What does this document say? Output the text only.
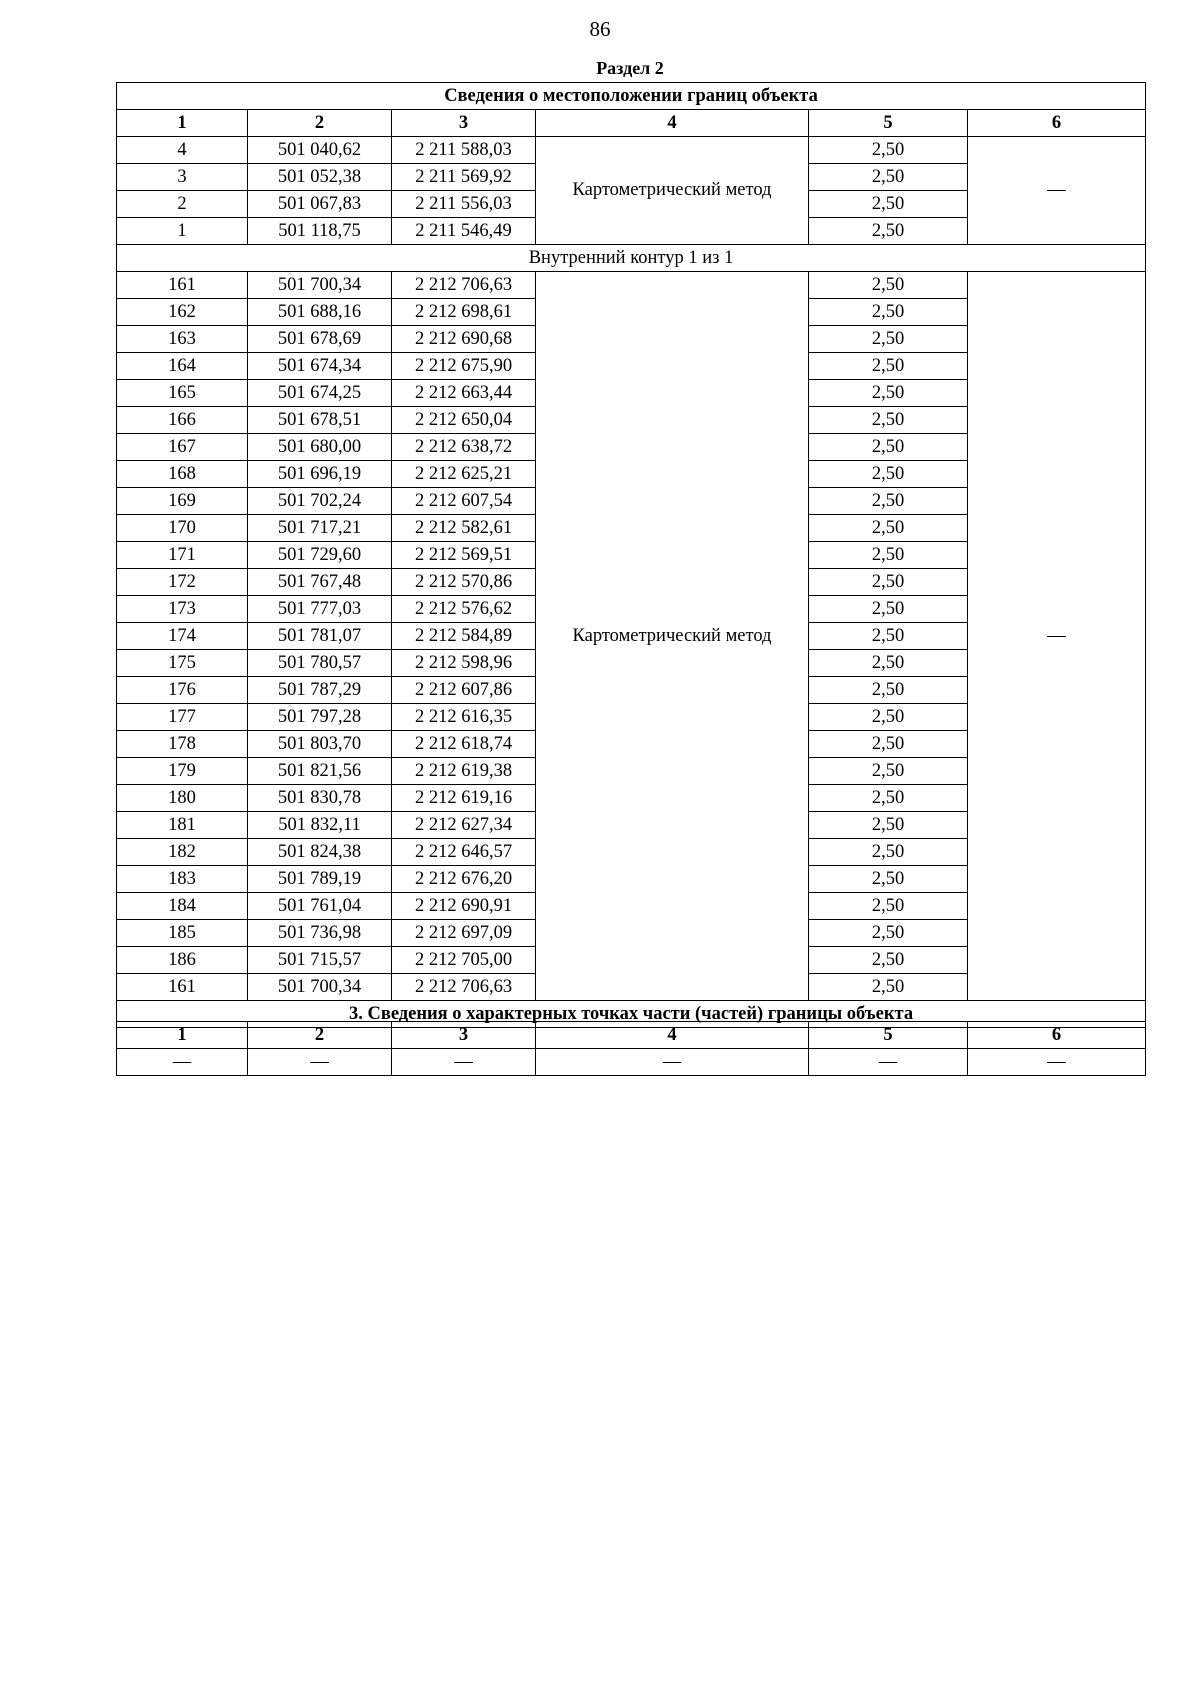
86
Раздел 2
Сведения о местоположении границ объекта					
1	2	3	4	5	6
4	501 040,62	2 211 588,03	Картометрический метод	2,50	—
3	501 052,38	2 211 569,92		2,50	
2	501 067,83	2 211 556,03		2,50	
1	501 118,75	2 211 546,49		2,50	
Внутренний контур 1 из 1					
161	501 700,34	2 212 706,63	Картометрический метод	2,50	—
162	501 688,16	2 212 698,61		2,50	
163	501 678,69	2 212 690,68		2,50	
164	501 674,34	2 212 675,90		2,50	
165	501 674,25	2 212 663,44		2,50	
166	501 678,51	2 212 650,04		2,50	
167	501 680,00	2 212 638,72		2,50	
168	501 696,19	2 212 625,21		2,50	
169	501 702,24	2 212 607,54		2,50	
170	501 717,21	2 212 582,61		2,50	
171	501 729,60	2 212 569,51		2,50	
172	501 767,48	2 212 570,86		2,50	
173	501 777,03	2 212 576,62		2,50	
174	501 781,07	2 212 584,89		2,50	
175	501 780,57	2 212 598,96		2,50	
176	501 787,29	2 212 607,86		2,50	
177	501 797,28	2 212 616,35		2,50	
178	501 803,70	2 212 618,74		2,50	
179	501 821,56	2 212 619,38		2,50	
180	501 830,78	2 212 619,16		2,50	
181	501 832,11	2 212 627,34		2,50	
182	501 824,38	2 212 646,57		2,50	
183	501 789,19	2 212 676,20		2,50	
184	501 761,04	2 212 690,91		2,50	
185	501 736,98	2 212 697,09		2,50	
186	501 715,57	2 212 705,00		2,50	
161	501 700,34	2 212 706,63		2,50	
3. Сведения о характерных точках части (частей) границы объекта					
1	2	3	4	5	6
—	—	—	—	—	—
